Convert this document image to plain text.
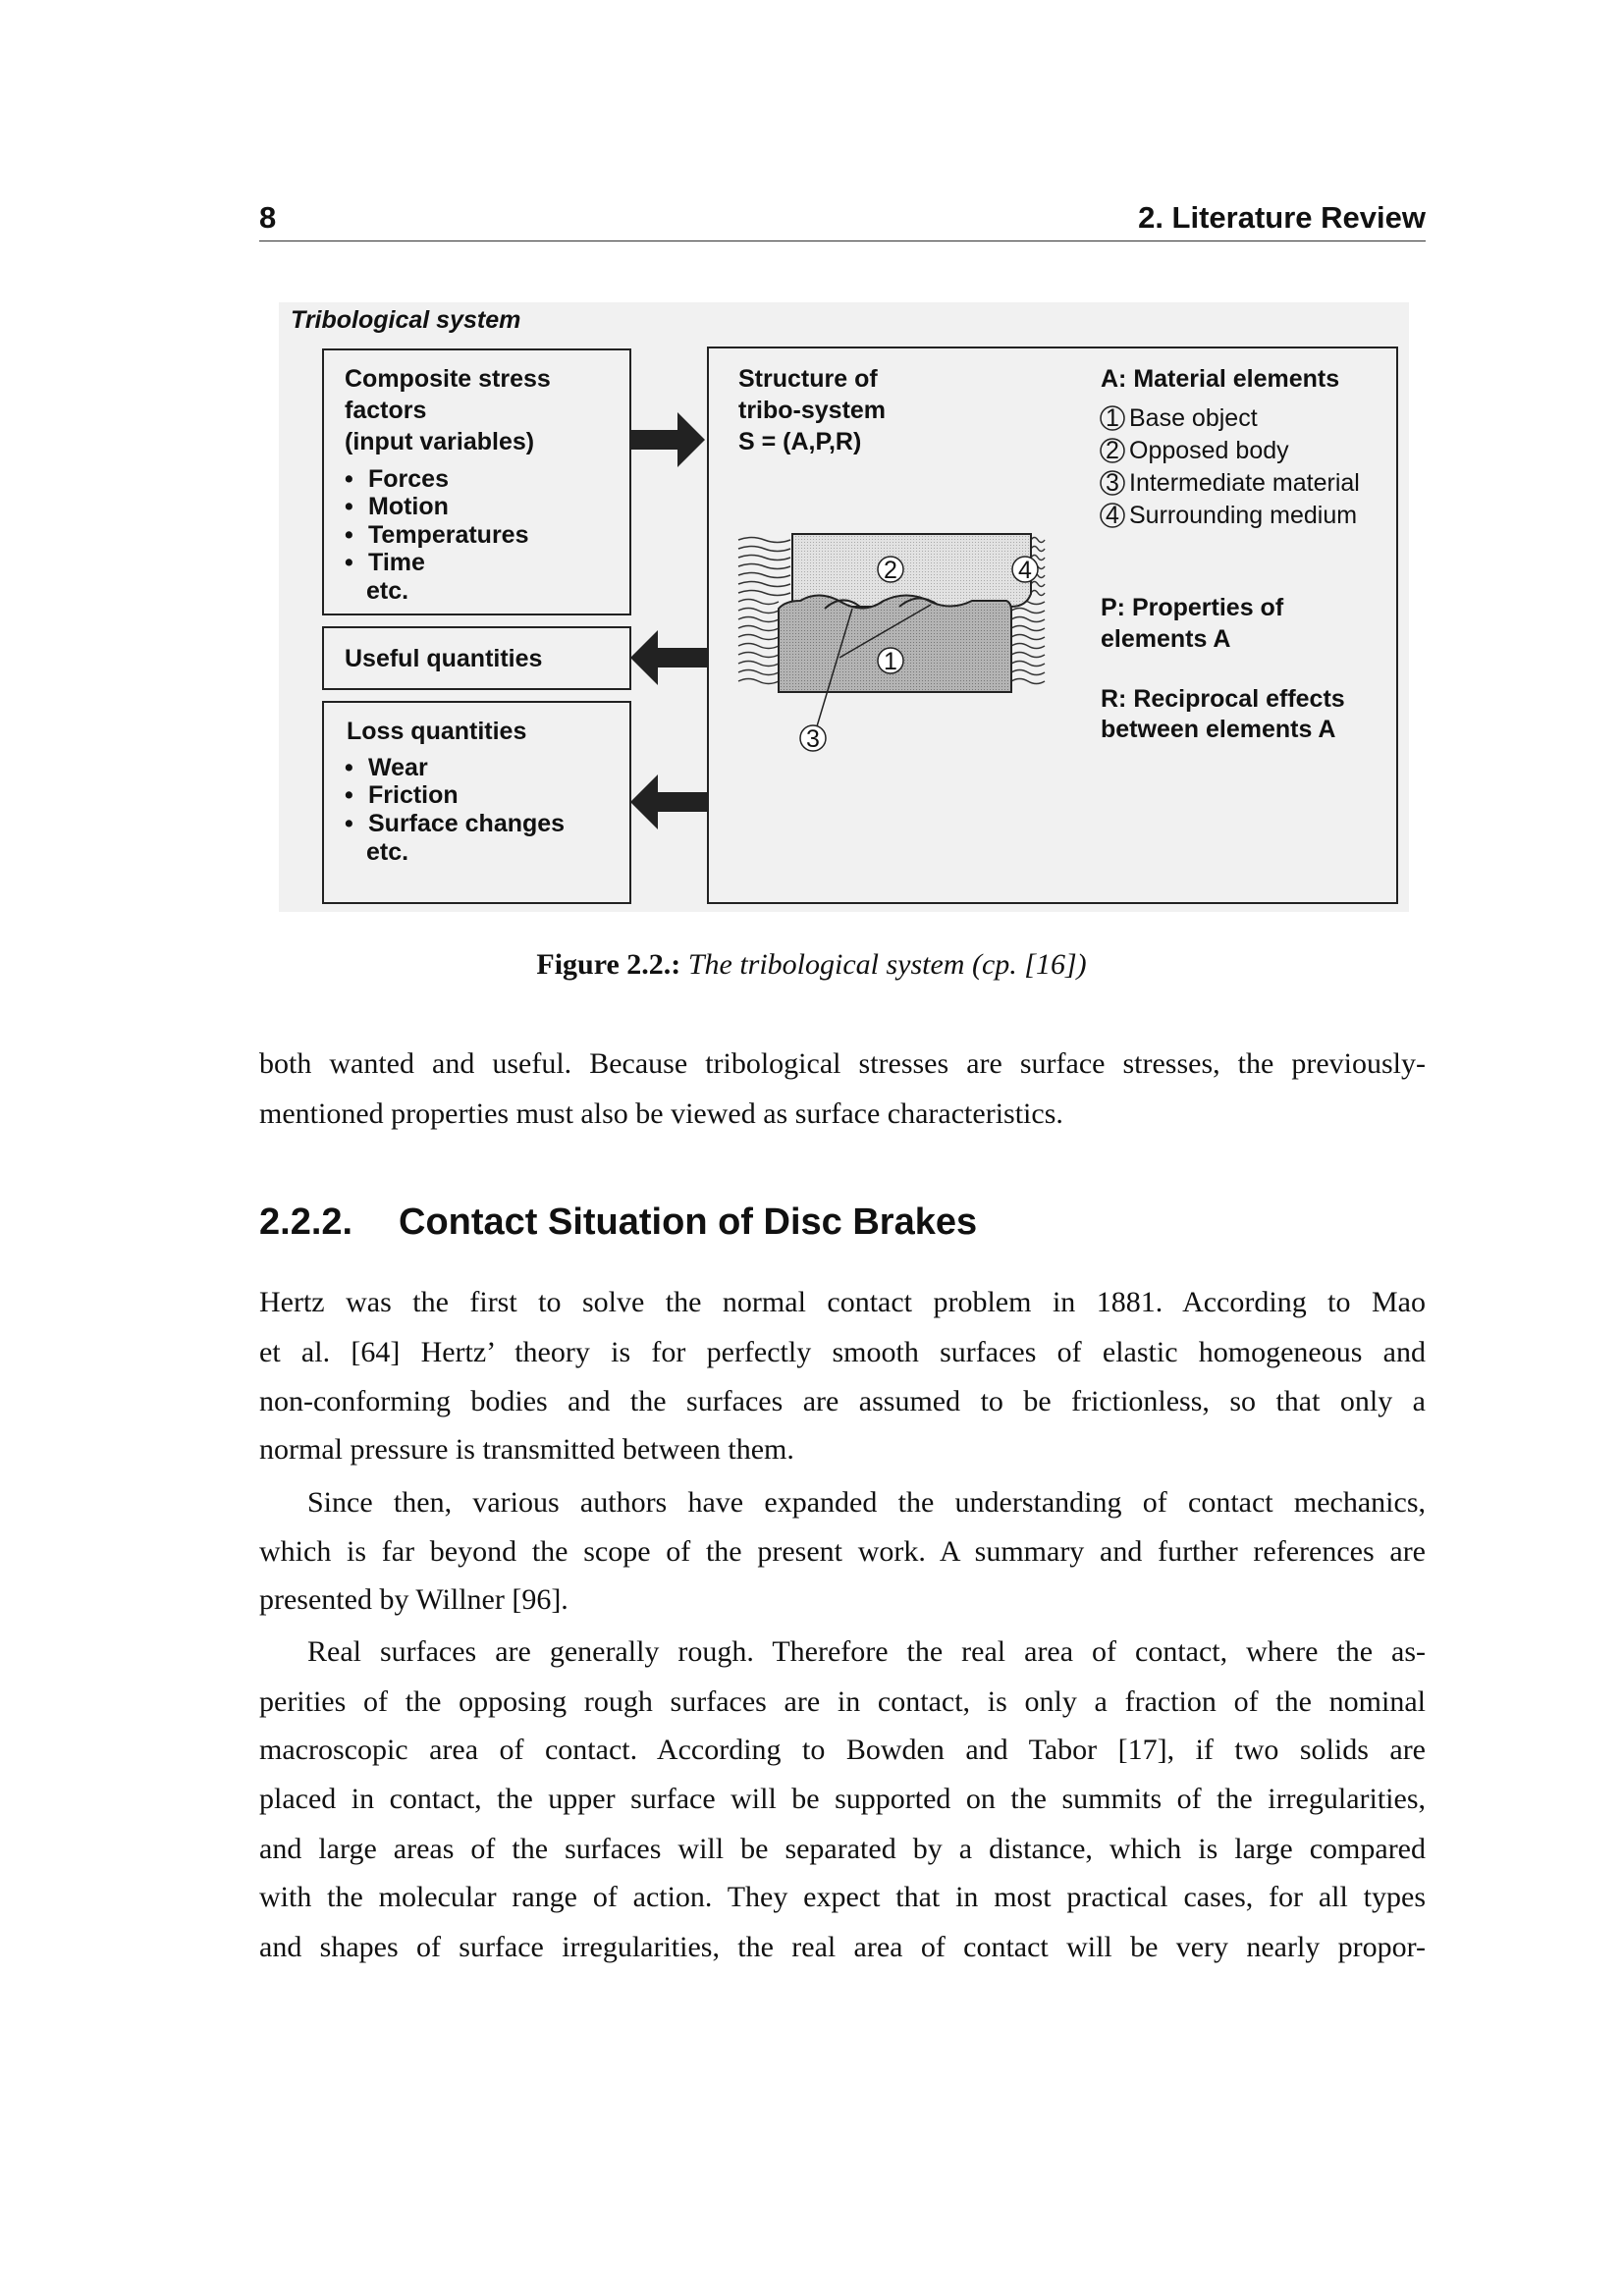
8	2. Literature Review
Tribological system
Composite stress
factors
(input variables)
• Forces
• Motion
• Temperatures
• Time
etc.
Useful quantities
Loss quantities
• Wear
• Friction
• Surface changes
etc.
Structure of
tribo-system
S = (A,P,R)
2
1
3
4
A: Material elements
1 Base object
2 Opposed body
3 Intermediate material
4 Surrounding medium
P: Properties of
elements A
R: Reciprocal effects
between elements A
Figure 2.2.: The tribological system (cp. [16])
both wanted and useful. Because tribological stresses are surface stresses, the previously-
mentioned properties must also be viewed as surface characteristics.
Hertz was the first to solve the normal contact problem in 1881. According to Mao
et al. [64] Hertz’ theory is for perfectly smooth surfaces of elastic homogeneous and
non-conforming bodies and the surfaces are assumed to be frictionless, so that only a
normal pressure is transmitted between them.
Since then, various authors have expanded the understanding of contact mechanics,
which is far beyond the scope of the present work. A summary and further references are
presented by Willner [96].
Real surfaces are generally rough. Therefore the real area of contact, where the as-
perities of the opposing rough surfaces are in contact, is only a fraction of the nominal
macroscopic area of contact. According to Bowden and Tabor [17], if two solids are
placed in contact, the upper surface will be supported on the summits of the irregularities,
and large areas of the surfaces will be separated by a distance, which is large compared
with the molecular range of action. They expect that in most practical cases, for all types
and shapes of surface irregularities, the real area of contact will be very nearly propor-
2.2.2. Contact Situation of Disc Brakes
